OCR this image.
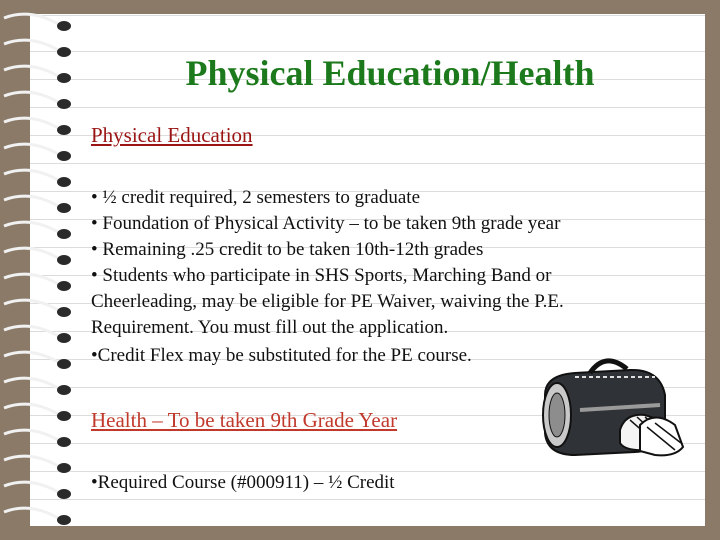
Physical Education/Health
Physical Education
• ½ credit required, 2 semesters to graduate
• Foundation of Physical Activity – to be taken 9th grade year
• Remaining .25 credit to be taken 10th-12th grades
• Students who participate in SHS Sports, Marching Band or Cheerleading, may be eligible for PE Waiver, waiving the P.E. Requirement. You must fill out the application.
•Credit Flex may be substituted for the PE course.
Health – To be taken 9th Grade Year
•Required Course (#000911) – ½ Credit
